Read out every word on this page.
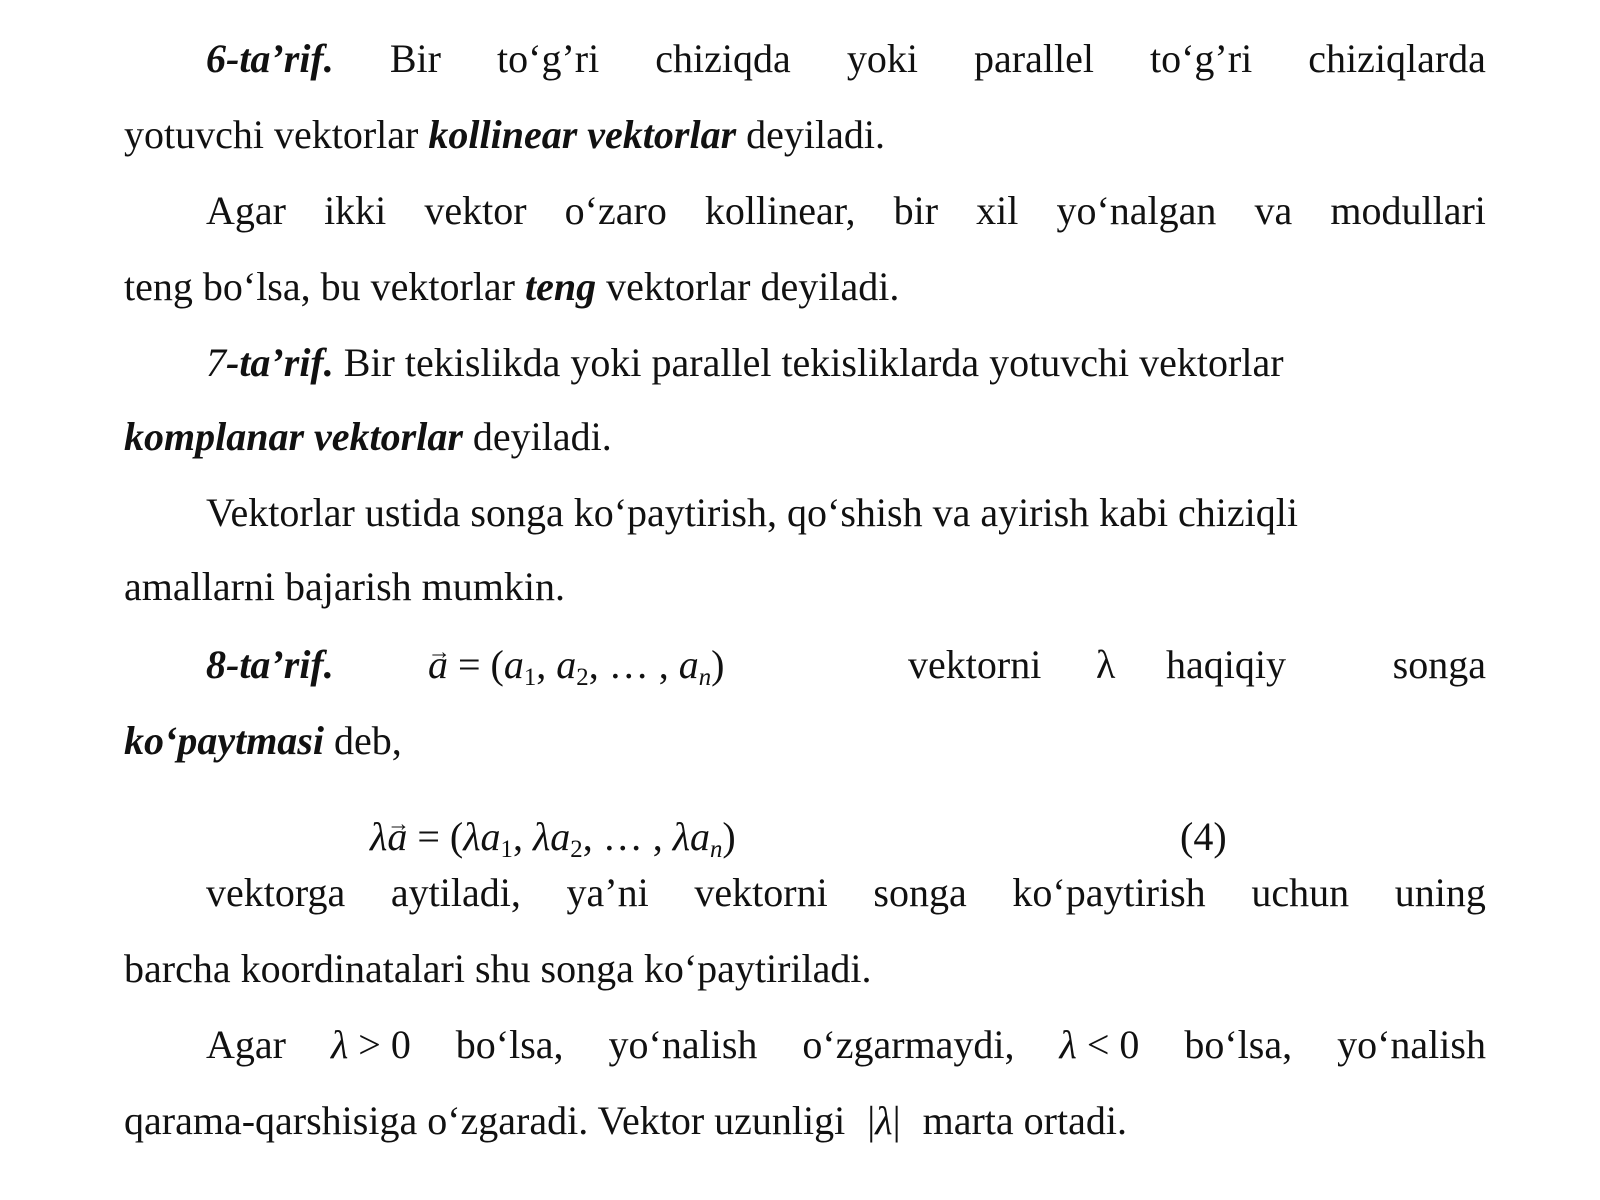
6-ta’rif. Bir to‘g’ri chiziqda yoki parallel to‘g’ri chiziqlarda
yotuvchi vektorlar kollinear vektorlar deyiladi.
Agar ikki vektor o‘zaro kollinear, bir xil yo‘nalgan va modullari
teng bo‘lsa, bu vektorlar teng vektorlar deyiladi.
7-ta’rif. Bir tekislikda yoki parallel tekisliklarda yotuvchi vektorlar
komplanar vektorlar deyiladi.
Vektorlar ustida songa ko‘paytirish, qo‘shish va ayirish kabi chiziqli
amallarni bajarish mumkin.
8-ta’rif.
→ $a = (a_1$, $a_2$, … , $a_n$)	vektorni λ haqiqiy	songa
ko‘paytmasi deb,
$\lambda\to a = (\lambda a_1$, $\lambda a_2$, … , $\lambda a_n$)	(4)
vektorga aytiladi, ya’ni vektorni songa ko‘paytirish uchun uning
barcha koordinatalari shu songa ko‘paytiriladi.
Agar λ > 0 bo‘lsa, yo‘nalish o‘zgarmaydi, λ < 0 bo‘lsa, yo‘nalish
qarama-qarshisiga o‘zgaradi. Vektor uzunligi |λ| marta ortadi.
